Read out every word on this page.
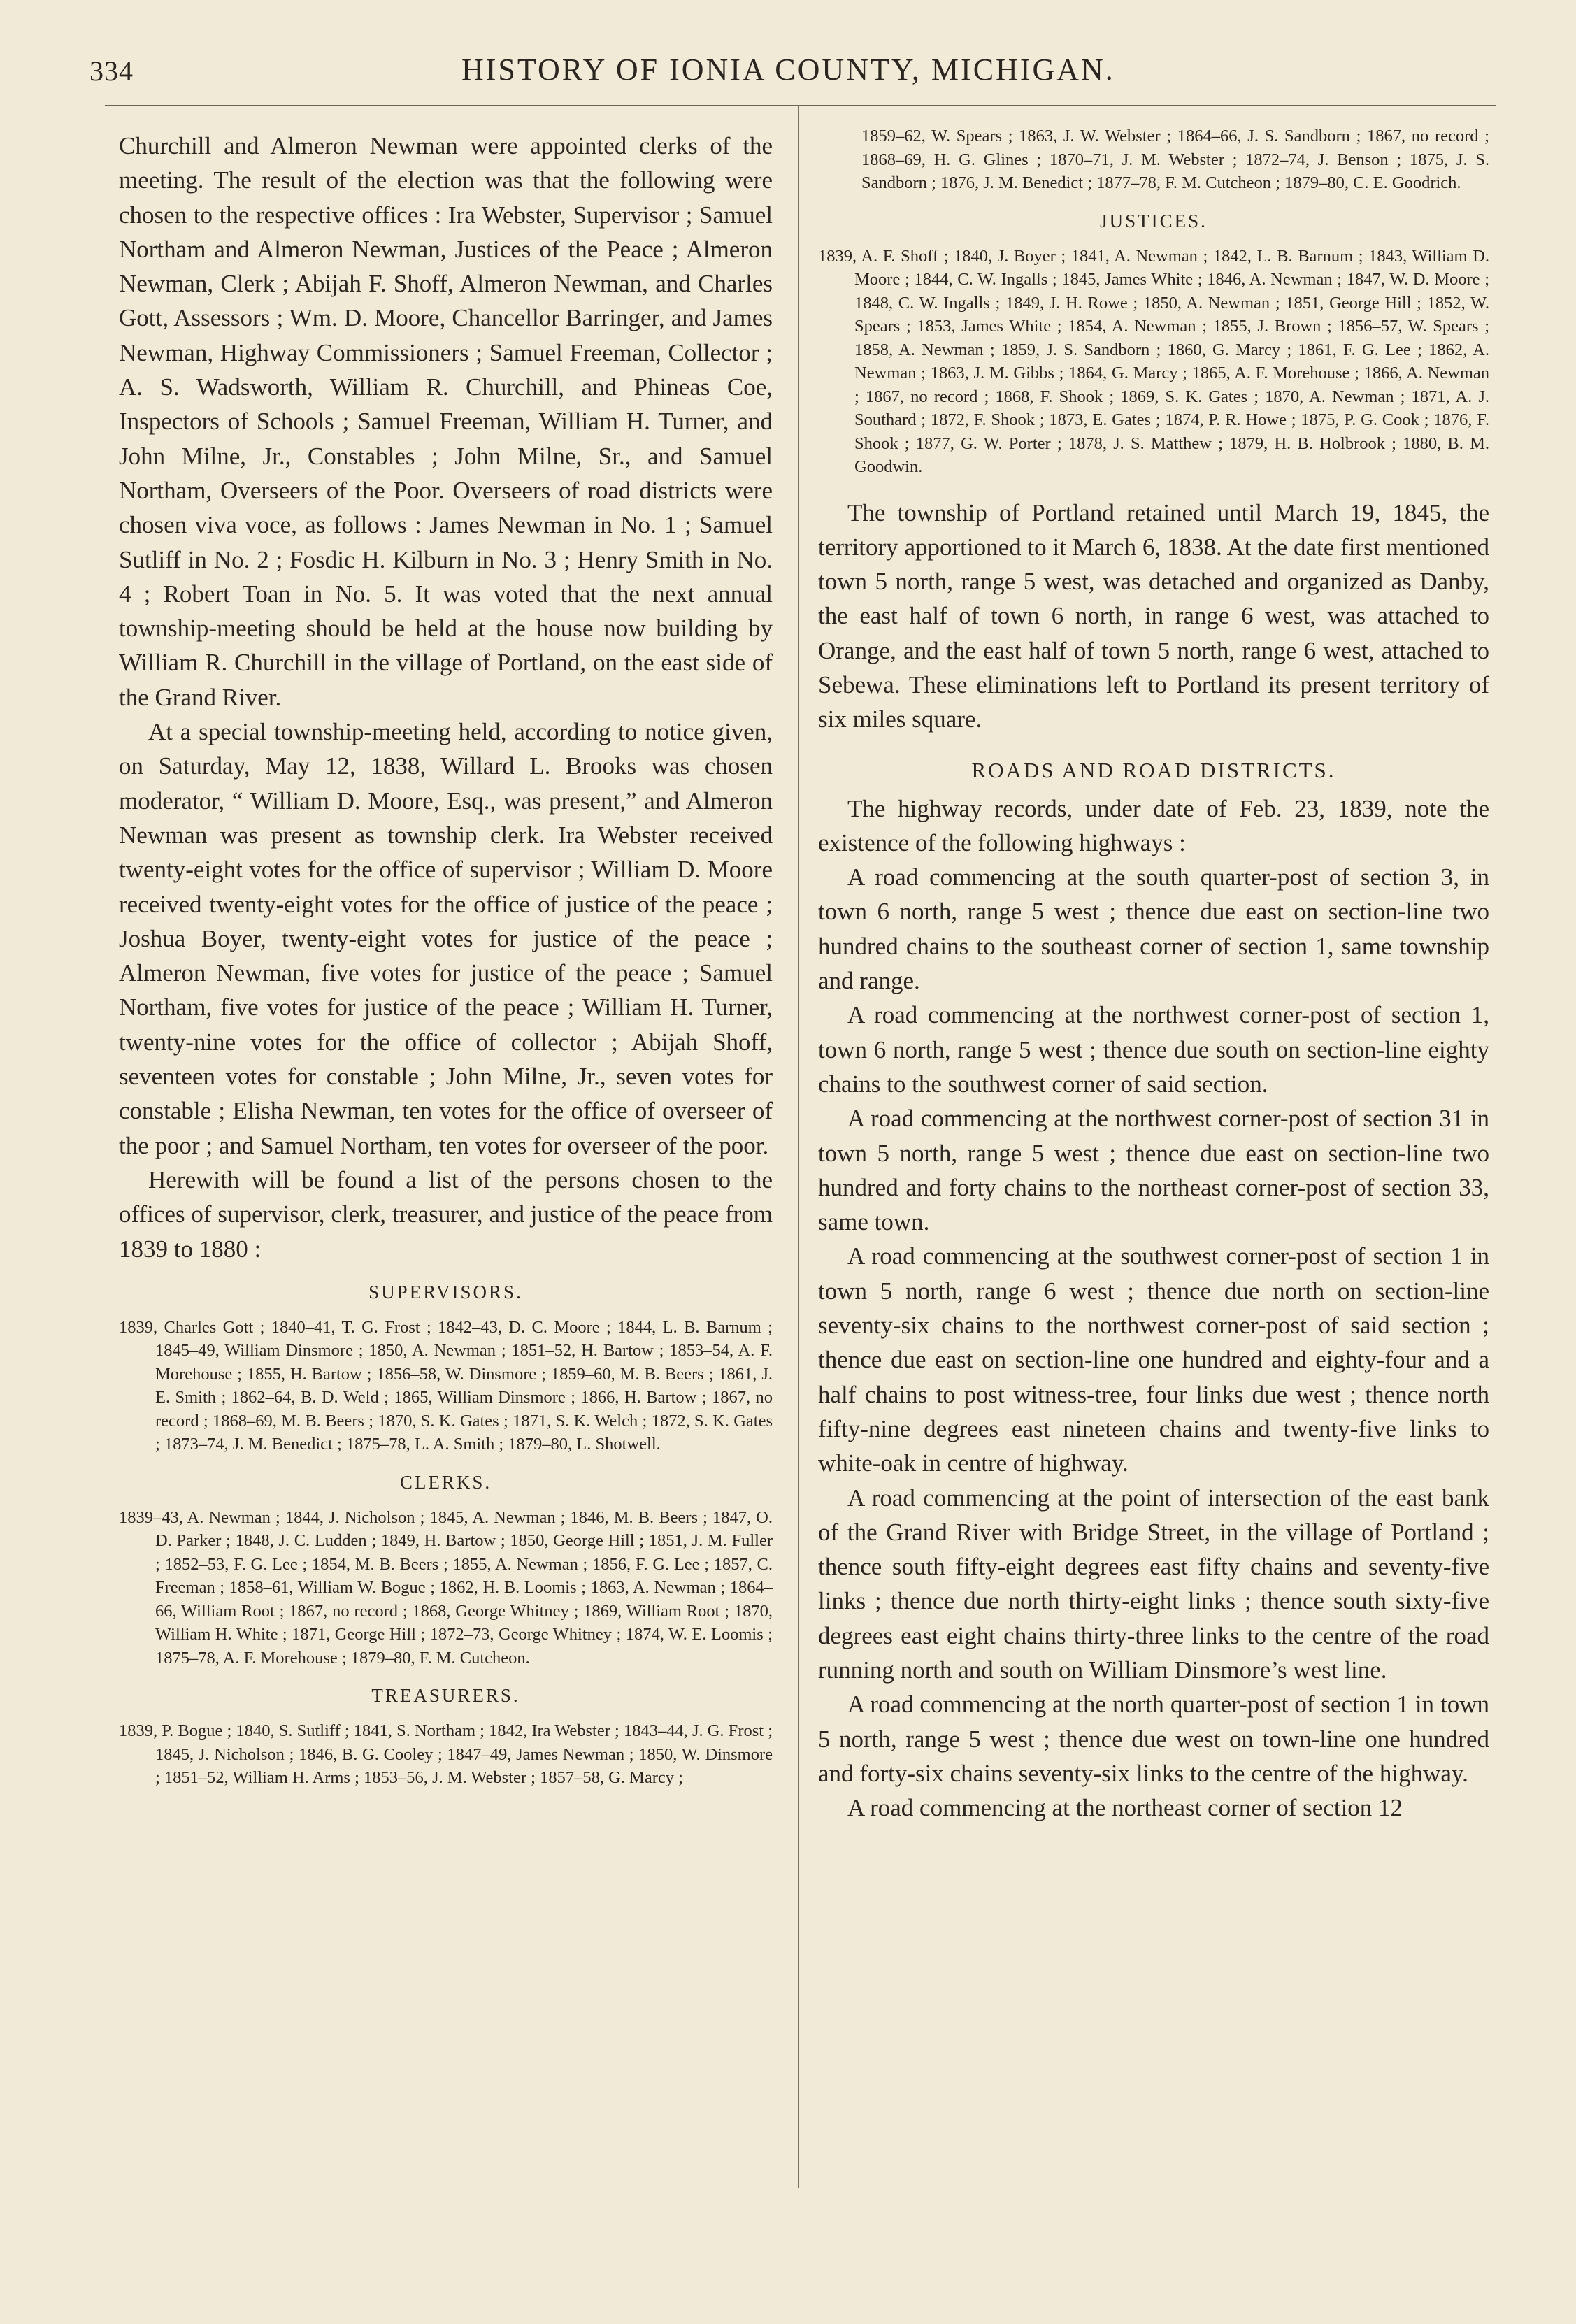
334	HISTORY OF IONIA COUNTY, MICHIGAN.

Churchill and Almeron Newman were appointed clerks of the meeting. The result of the election was that the following were chosen to the respective offices : Ira Webster, Supervisor ; Samuel Northam and Almeron Newman, Justices of the Peace ; Almeron Newman, Clerk ; Abijah F. Shoff, Almeron Newman, and Charles Gott, Assessors ; Wm. D. Moore, Chancellor Barringer, and James Newman, Highway Commissioners ; Samuel Freeman, Collector ; A. S. Wadsworth, William R. Churchill, and Phineas Coe, Inspectors of Schools ; Samuel Freeman, William H. Turner, and John Milne, Jr., Constables ; John Milne, Sr., and Samuel Northam, Overseers of the Poor. Overseers of road districts were chosen viva voce, as follows : James Newman in No. 1 ; Samuel Sutliff in No. 2 ; Fosdic H. Kilburn in No. 3 ; Henry Smith in No. 4 ; Robert Toan in No. 5. It was voted that the next annual township-meeting should be held at the house now building by William R. Churchill in the village of Portland, on the east side of the Grand River.

At a special township-meeting held, according to notice given, on Saturday, May 12, 1838, Willard L. Brooks was chosen moderator, “ William D. Moore, Esq., was present,” and Almeron Newman was present as township clerk. Ira Webster received twenty-eight votes for the office of supervisor ; William D. Moore received twenty-eight votes for the office of justice of the peace ; Joshua Boyer, twenty-eight votes for justice of the peace ; Almeron Newman, five votes for justice of the peace ; Samuel Northam, five votes for justice of the peace ; William H. Turner, twenty-nine votes for the office of collector ; Abijah Shoff, seventeen votes for constable ; John Milne, Jr., seven votes for constable ; Elisha Newman, ten votes for the office of overseer of the poor ; and Samuel Northam, ten votes for overseer of the poor.

Herewith will be found a list of the persons chosen to the offices of supervisor, clerk, treasurer, and justice of the peace from 1839 to 1880 :

SUPERVISORS.

1839, Charles Gott ; 1840–41, T. G. Frost ; 1842–43, D. C. Moore ; 1844, L. B. Barnum ; 1845–49, William Dinsmore ; 1850, A. Newman ; 1851–52, H. Bartow ; 1853–54, A. F. Morehouse ; 1855, H. Bartow ; 1856–58, W. Dinsmore ; 1859–60, M. B. Beers ; 1861, J. E. Smith ; 1862–64, B. D. Weld ; 1865, William Dinsmore ; 1866, H. Bartow ; 1867, no record ; 1868–69, M. B. Beers ; 1870, S. K. Gates ; 1871, S. K. Welch ; 1872, S. K. Gates ; 1873–74, J. M. Benedict ; 1875–78, L. A. Smith ; 1879–80, L. Shotwell.

CLERKS.

1839–43, A. Newman ; 1844, J. Nicholson ; 1845, A. Newman ; 1846, M. B. Beers ; 1847, O. D. Parker ; 1848, J. C. Ludden ; 1849, H. Bartow ; 1850, George Hill ; 1851, J. M. Fuller ; 1852–53, F. G. Lee ; 1854, M. B. Beers ; 1855, A. Newman ; 1856, F. G. Lee ; 1857, C. Freeman ; 1858–61, William W. Bogue ; 1862, H. B. Loomis ; 1863, A. Newman ; 1864–66, William Root ; 1867, no record ; 1868, George Whitney ; 1869, William Root ; 1870, William H. White ; 1871, George Hill ; 1872–73, George Whitney ; 1874, W. E. Loomis ; 1875–78, A. F. Morehouse ; 1879–80, F. M. Cutcheon.

TREASURERS.

1839, P. Bogue ; 1840, S. Sutliff ; 1841, S. Northam ; 1842, Ira Webster ; 1843–44, J. G. Frost ; 1845, J. Nicholson ; 1846, B. G. Cooley ; 1847–49, James Newman ; 1850, W. Dinsmore ; 1851–52, William H. Arms ; 1853–56, J. M. Webster ; 1857–58, G. Marcy ;

1859–62, W. Spears ; 1863, J. W. Webster ; 1864–66, J. S. Sandborn ; 1867, no record ; 1868–69, H. G. Glines ; 1870–71, J. M. Webster ; 1872–74, J. Benson ; 1875, J. S. Sandborn ; 1876, J. M. Benedict ; 1877–78, F. M. Cutcheon ; 1879–80, C. E. Goodrich.

JUSTICES.

1839, A. F. Shoff ; 1840, J. Boyer ; 1841, A. Newman ; 1842, L. B. Barnum ; 1843, William D. Moore ; 1844, C. W. Ingalls ; 1845, James White ; 1846, A. Newman ; 1847, W. D. Moore ; 1848, C. W. Ingalls ; 1849, J. H. Rowe ; 1850, A. Newman ; 1851, George Hill ; 1852, W. Spears ; 1853, James White ; 1854, A. Newman ; 1855, J. Brown ; 1856–57, W. Spears ; 1858, A. Newman ; 1859, J. S. Sandborn ; 1860, G. Marcy ; 1861, F. G. Lee ; 1862, A. Newman ; 1863, J. M. Gibbs ; 1864, G. Marcy ; 1865, A. F. Morehouse ; 1866, A. Newman ; 1867, no record ; 1868, F. Shook ; 1869, S. K. Gates ; 1870, A. Newman ; 1871, A. J. Southard ; 1872, F. Shook ; 1873, E. Gates ; 1874, P. R. Howe ; 1875, P. G. Cook ; 1876, F. Shook ; 1877, G. W. Porter ; 1878, J. S. Matthew ; 1879, H. B. Holbrook ; 1880, B. M. Goodwin.

The township of Portland retained until March 19, 1845, the territory apportioned to it March 6, 1838. At the date first mentioned town 5 north, range 5 west, was detached and organized as Danby, the east half of town 6 north, in range 6 west, was attached to Orange, and the east half of town 5 north, range 6 west, attached to Sebewa. These eliminations left to Portland its present territory of six miles square.

ROADS AND ROAD DISTRICTS.

The highway records, under date of Feb. 23, 1839, note the existence of the following highways :

A road commencing at the south quarter-post of section 3, in town 6 north, range 5 west ; thence due east on section-line two hundred chains to the southeast corner of section 1, same township and range.

A road commencing at the northwest corner-post of section 1, town 6 north, range 5 west ; thence due south on section-line eighty chains to the southwest corner of said section.

A road commencing at the northwest corner-post of section 31 in town 5 north, range 5 west ; thence due east on section-line two hundred and forty chains to the northeast corner-post of section 33, same town.

A road commencing at the southwest corner-post of section 1 in town 5 north, range 6 west ; thence due north on section-line seventy-six chains to the northwest corner-post of said section ; thence due east on section-line one hundred and eighty-four and a half chains to post witness-tree, four links due west ; thence north fifty-nine degrees east nineteen chains and twenty-five links to white-oak in centre of highway.

A road commencing at the point of intersection of the east bank of the Grand River with Bridge Street, in the village of Portland ; thence south fifty-eight degrees east fifty chains and seventy-five links ; thence due north thirty-eight links ; thence south sixty-five degrees east eight chains thirty-three links to the centre of the road running north and south on William Dinsmore’s west line.

A road commencing at the north quarter-post of section 1 in town 5 north, range 5 west ; thence due west on town-line one hundred and forty-six chains seventy-six links to the centre of the highway.

A road commencing at the northeast corner of section 12
